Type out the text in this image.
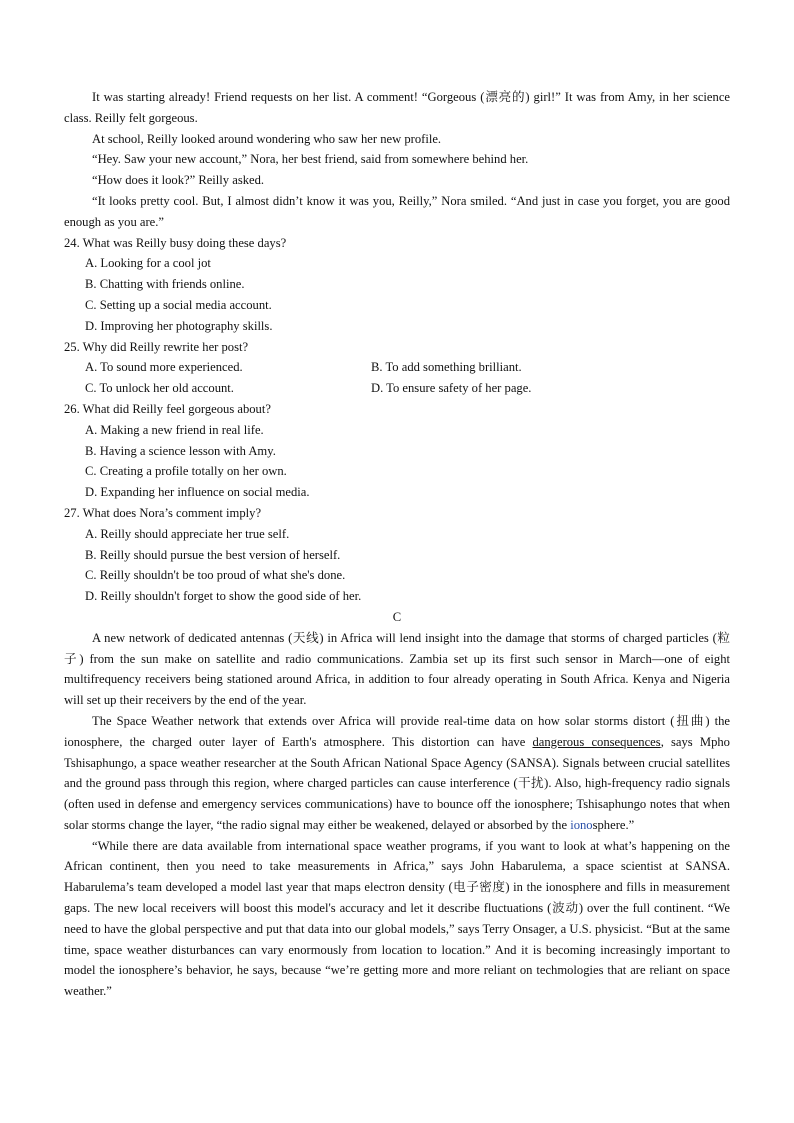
It was starting already! Friend requests on her list. A comment! “Gorgeous (漂亮的) girl!” It was from Amy, in her science class. Reilly felt gorgeous.

At school, Reilly looked around wondering who saw her new profile.

“Hey. Saw your new account,” Nora, her best friend, said from somewhere behind her.

“How does it look?” Reilly asked.

“It looks pretty cool. But, I almost didn’t know it was you, Reilly,” Nora smiled. “And just in case you forget, you are good enough as you are.”

24. What was Reilly busy doing these days?

A. Looking for a cool jot

B. Chatting with friends online.

C. Setting up a social media account.

D. Improving her photography skills.

25. Why did Reilly rewrite her post?

A. To sound more experienced.	B. To add something brilliant.
C. To unlock her old account.	D. To ensure safety of her page.

26. What did Reilly feel gorgeous about?

A. Making a new friend in real life.

B. Having a science lesson with Amy.

C. Creating a profile totally on her own.

D. Expanding her influence on social media.

27. What does Nora’s comment imply?

A. Reilly should appreciate her true self.

B. Reilly should pursue the best version of herself.

C. Reilly shouldn't be too proud of what she's done.

D. Reilly shouldn't forget to show the good side of her.

C

A new network of dedicated antennas (天线) in Africa will lend insight into the damage that storms of charged particles (粒子) from the sun make on satellite and radio communications. Zambia set up its first such sensor in March—one of eight multifrequency receivers being stationed around Africa, in addition to four already operating in South Africa. Kenya and Nigeria will set up their receivers by the end of the year.

The Space Weather network that extends over Africa will provide real-time data on how solar storms distort (扭曲) the ionosphere, the charged outer layer of Earth's atmosphere. This distortion can have dangerous consequences, says Mpho Tshisaphungo, a space weather researcher at the South African National Space Agency (SANSA). Signals between crucial satellites and the ground pass through this region, where charged particles can cause interference (干扰). Also, high-frequency radio signals (often used in defense and emergency services communications) have to bounce off the ionosphere; Tshisaphungo notes that when solar storms change the layer, “the radio signal may either be weakened, delayed or absorbed by the ionosphere.”

“While there are data available from international space weather programs, if you want to look at what’s happening on the African continent, then you need to take measurements in Africa,” says John Habarulema, a space scientist at SANSA. Habarulema’s team developed a model last year that maps electron density (电子密度) in the ionosphere and fills in measurement gaps. The new local receivers will boost this model's accuracy and let it describe fluctuations (波动) over the full continent. “We need to have the global perspective and put that data into our global models,” says Terry Onsager, a U.S. physicist. “But at the same time, space weather disturbances can vary enormously from location to location.” And it is becoming increasingly important to model the ionosphere’s behavior, he says, because “we’re getting more and more reliant on techmologies that are reliant on space weather.”
